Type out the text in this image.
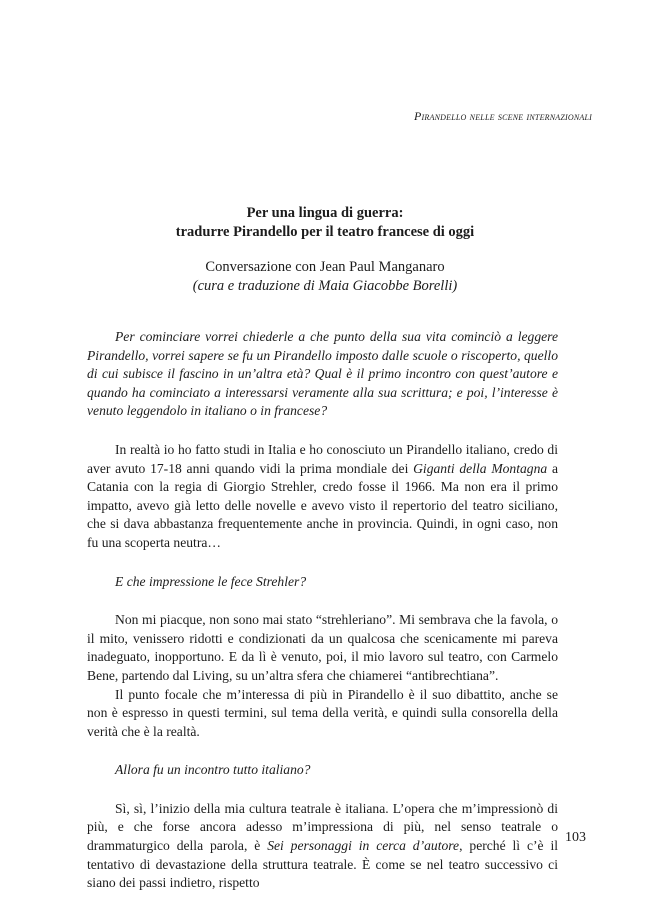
Pirandello nelle scene internazionali
Per una lingua di guerra:
tradurre Pirandello per il teatro francese di oggi
Conversazione con Jean Paul Manganaro
(cura e traduzione di Maia Giacobbe Borelli)

Per cominciare vorrei chiederle a che punto della sua vita cominciò a leggere Pirandello, vorrei sapere se fu un Pirandello imposto dalle scuole o riscoperto, quello di cui subisce il fascino in un’altra età? Qual è il primo incontro con quest’autore e quando ha cominciato a interessarsi veramente alla sua scrittura; e poi, l’interesse è venuto leggendolo in italiano o in francese?

In realtà io ho fatto studi in Italia e ho conosciuto un Pirandello italiano, credo di aver avuto 17-18 anni quando vidi la prima mondiale dei Giganti della Montagna a Catania con la regia di Giorgio Strehler, credo fosse il 1966. Ma non era il primo impatto, avevo già letto delle novelle e avevo visto il repertorio del teatro siciliano, che si dava abbastanza frequentemente anche in provincia. Quindi, in ogni caso, non fu una scoperta neutra…

E che impressione le fece Strehler?

Non mi piacque, non sono mai stato “strehleriano”. Mi sembrava che la favola, o il mito, venissero ridotti e condizionati da un qualcosa che scenicamente mi pareva inadeguato, inopportuno. E da lì è venuto, poi, il mio lavoro sul teatro, con Carmelo Bene, partendo dal Living, su un’altra sfera che chiamerei “antibrechtiana”.

Il punto focale che m’interessa di più in Pirandello è il suo dibattito, anche se non è espresso in questi termini, sul tema della verità, e quindi sulla consorella della verità che è la realtà.

Allora fu un incontro tutto italiano?

Sì, sì, l’inizio della mia cultura teatrale è italiana. L’opera che m’impressionò di più, e che forse ancora adesso m’impressiona di più, nel senso teatrale o drammaturgico della parola, è Sei personaggi in cerca d’autore, perché lì c’è il tentativo di devastazione della struttura teatrale. È come se nel teatro successivo ci siano dei passi indietro, rispetto

103
